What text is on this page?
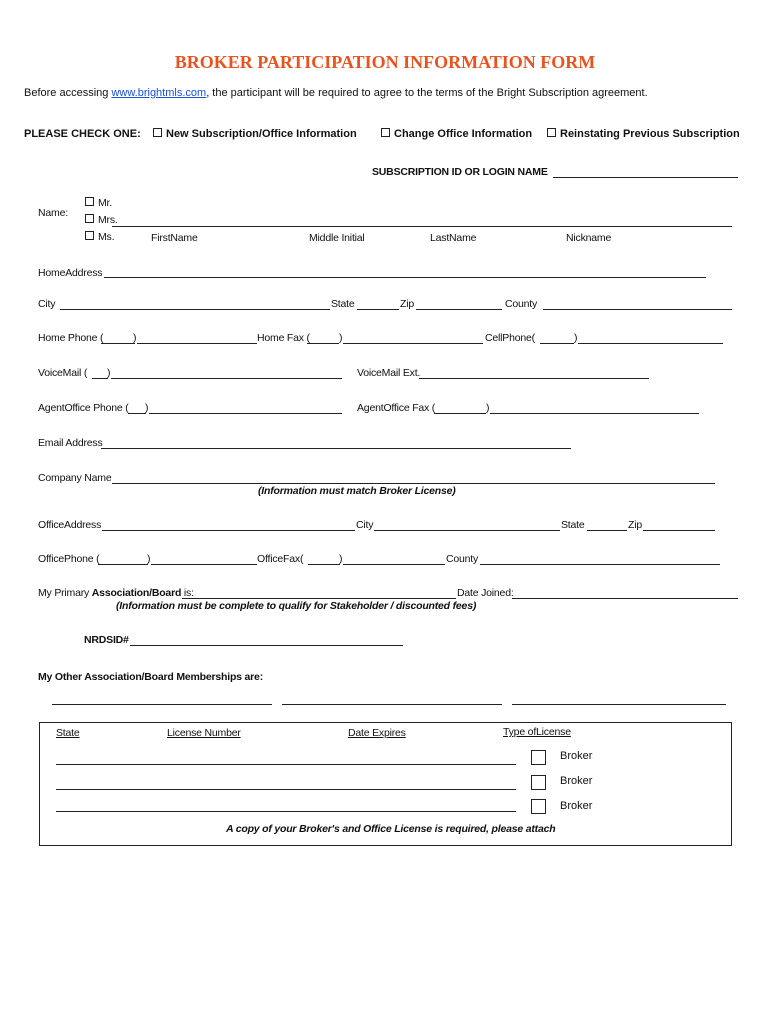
BROKER PARTICIPATION INFORMATION FORM
Before accessing www.brightmls.com, the participant will be required to agree to the terms of the Bright Subscription agreement.
PLEASE CHECK ONE:	New Subscription/Office Information	Change Office Information	Reinstating Previous Subscription
SUBSCRIPTION ID OR LOGIN NAME
Name:
Mr.
Mrs.
Ms.	FirstName	Middle Initial	LastName	Nickname
HomeAddress
City	State	Zip	County
Home Phone (	)	Home Fax (	)	CellPhone(	)
VoiceMail ( )	VoiceMail Ext.
AgentOffice Phone ( )	AgentOffice Fax (	)
Email Address
Company Name
(Information must match Broker License)
OfficeAddress	City	State	Zip
OfficePhone (	)	OfficeFax(	)	County
My Primary Association/Board is:	Date Joined:
(Information must be complete to qualify for Stakeholder / discounted fees)
NRDSID#
My Other Association/Board Memberships are:
State	License Number	Date Expires	Type ofLicense
Broker
Broker
Broker
A copy of your Broker's and Office License is required, please attach
